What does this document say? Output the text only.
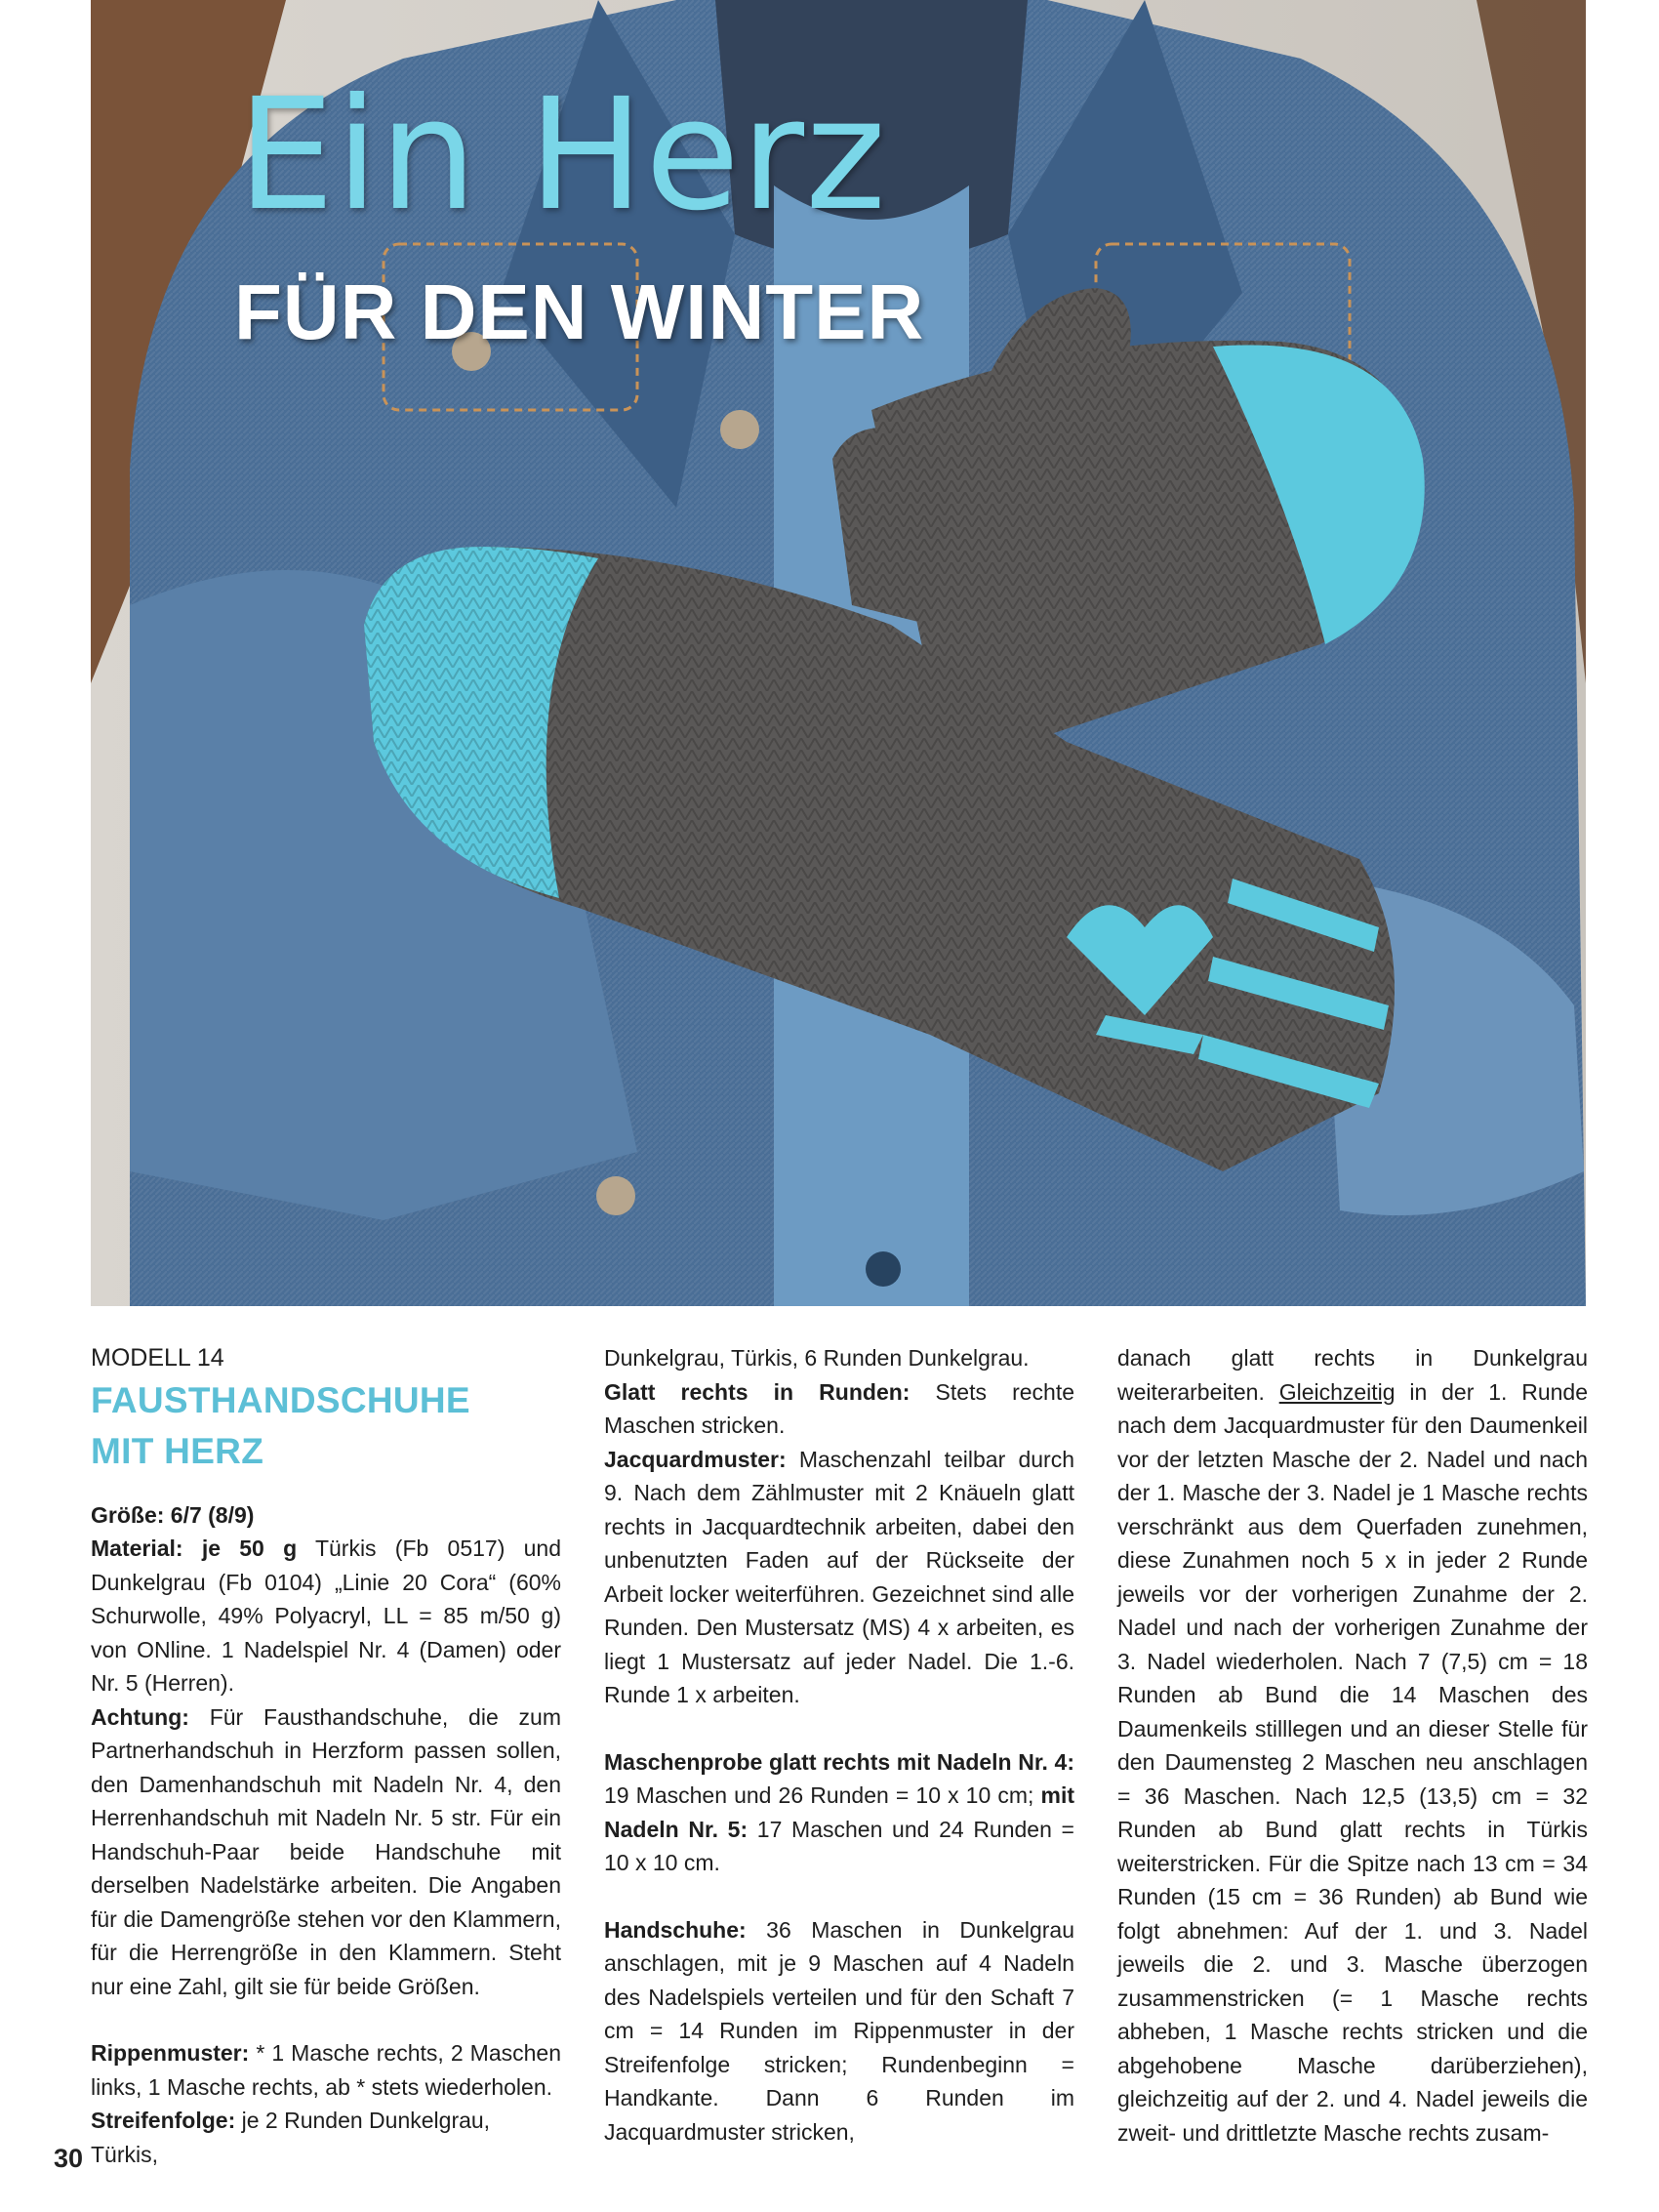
Ein Herz
FÜR DEN WINTER

MODELL 14

FAUSTHANDSCHUHE

MIT HERZ

Größe: 6/7 (8/9)

Material: je 50 g Türkis (Fb 0517) und Dunkelgrau (Fb 0104) „Linie 20 Cora“ (60% Schurwolle, 49% Polyacryl, LL = 85 m/50 g) von ONline. 1 Nadelspiel Nr. 4 (Damen) oder Nr. 5 (Herren).

Achtung: Für Fausthandschuhe, die zum Partnerhandschuh in Herzform passen sollen, den Damenhandschuh mit Nadeln Nr. 4, den Herrenhandschuh mit Nadeln Nr. 5 str. Für ein Handschuh-Paar beide Handschuhe mit derselben Nadelstärke arbeiten. Die Angaben für die Damengröße stehen vor den Klammern, für die Herrengröße in den Klammern. Steht nur eine Zahl, gilt sie für beide Größen.

Rippenmuster: * 1 Masche rechts, 2 Maschen links, 1 Masche rechts, ab * stets wiederholen.

Streifenfolge: je 2 Runden Dunkelgrau, Türkis,

Dunkelgrau, Türkis, 6 Runden Dunkelgrau.

Glatt rechts in Runden: Stets rechte Maschen stricken.

Jacquardmuster: Maschenzahl teilbar durch 9. Nach dem Zählmuster mit 2 Knäueln glatt rechts in Jacquardtechnik arbeiten, dabei den unbenutzten Faden auf der Rückseite der Arbeit locker weiterführen. Gezeichnet sind alle Runden. Den Mustersatz (MS) 4 x arbeiten, es liegt 1 Mustersatz auf jeder Nadel. Die 1.-6. Runde 1 x arbeiten.

Maschenprobe glatt rechts mit Nadeln Nr. 4: 19 Maschen und 26 Runden = 10 x 10 cm; mit Nadeln Nr. 5: 17 Maschen und 24 Runden = 10 x 10 cm.

Handschuhe: 36 Maschen in Dunkelgrau anschlagen, mit je 9 Maschen auf 4 Nadeln des Nadelspiels verteilen und für den Schaft 7 cm = 14 Runden im Rippenmuster in der Streifenfolge stricken; Rundenbeginn = Handkante. Dann 6 Runden im Jacquardmuster stricken,

danach glatt rechts in Dunkelgrau weiterarbeiten. Gleichzeitig in der 1. Runde nach dem Jacquardmuster für den Daumenkeil vor der letzten Masche der 2. Nadel und nach der 1. Masche der 3. Nadel je 1 Masche rechts verschränkt aus dem Querfaden zunehmen, diese Zunahmen noch 5 x in jeder 2 Runde jeweils vor der vorherigen Zunahme der 2. Nadel und nach der vorherigen Zunahme der 3. Nadel wiederholen. Nach 7 (7,5) cm = 18 Runden ab Bund die 14 Maschen des Daumenkeils stilllegen und an dieser Stelle für den Daumensteg 2 Maschen neu anschlagen = 36 Maschen. Nach 12,5 (13,5) cm = 32 Runden ab Bund glatt rechts in Türkis weiterstricken. Für die Spitze nach 13 cm = 34 Runden (15 cm = 36 Runden) ab Bund wie folgt abnehmen: Auf der 1. und 3. Nadel jeweils die 2. und 3. Masche überzogen zusammenstricken (= 1 Masche rechts abheben, 1 Masche rechts stricken und die abgehobene Masche darüberziehen), gleichzeitig auf der 2. und 4. Nadel jeweils die zweit- und drittletzte Masche rechts zusam-

30
